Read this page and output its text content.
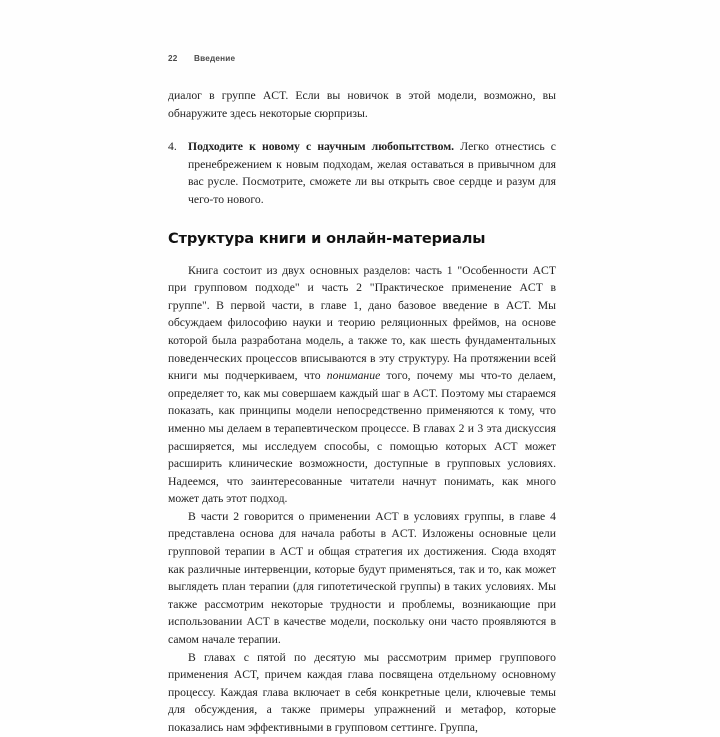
22	Введение

диалог в группе ACT. Если вы новичок в этой модели, возможно, вы обнаружите здесь некоторые сюрпризы.

4. Подходите к новому с научным любопытством. Легко отнестись с пренебрежением к новым подходам, желая оставаться в привычном для вас русле. Посмотрите, сможете ли вы открыть свое сердце и разум для чего-то нового.
Структура книги и онлайн-материалы

Книга состоит из двух основных разделов: часть 1 "Особенности ACT при групповом подходе" и часть 2 "Практическое применение ACT в группе". В первой части, в главе 1, дано базовое введение в ACT. Мы обсуждаем философию науки и теорию реляционных фреймов, на основе которой была разработана модель, а также то, как шесть фундаментальных поведенческих процессов вписываются в эту структуру. На протяжении всей книги мы подчеркиваем, что понимание того, почему мы что-то делаем, определяет то, как мы совершаем каждый шаг в ACT. Поэтому мы стараемся показать, как принципы модели непосредственно применяются к тому, что именно мы делаем в терапевтическом процессе. В главах 2 и 3 эта дискуссия расширяется, мы исследуем способы, с помощью которых ACT может расширить клинические возможности, доступные в групповых условиях. Надеемся, что заинтересованные читатели начнут понимать, как много может дать этот подход.

В части 2 говорится о применении ACT в условиях группы, в главе 4 представлена основа для начала работы в ACT. Изложены основные цели групповой терапии в ACT и общая стратегия их достижения. Сюда входят как различные интервенции, которые будут применяться, так и то, как может выглядеть план терапии (для гипотетической группы) в таких условиях. Мы также рассмотрим некоторые трудности и проблемы, возникающие при использовании ACT в качестве модели, поскольку они часто проявляются в самом начале терапии.

В главах с пятой по десятую мы рассмотрим пример группового применения ACT, причем каждая глава посвящена отдельному основному процессу. Каждая глава включает в себя конкретные цели, ключевые темы для обсуждения, а также примеры упражнений и метафор, которые показались нам эффективными в групповом сеттинге. Группа,
